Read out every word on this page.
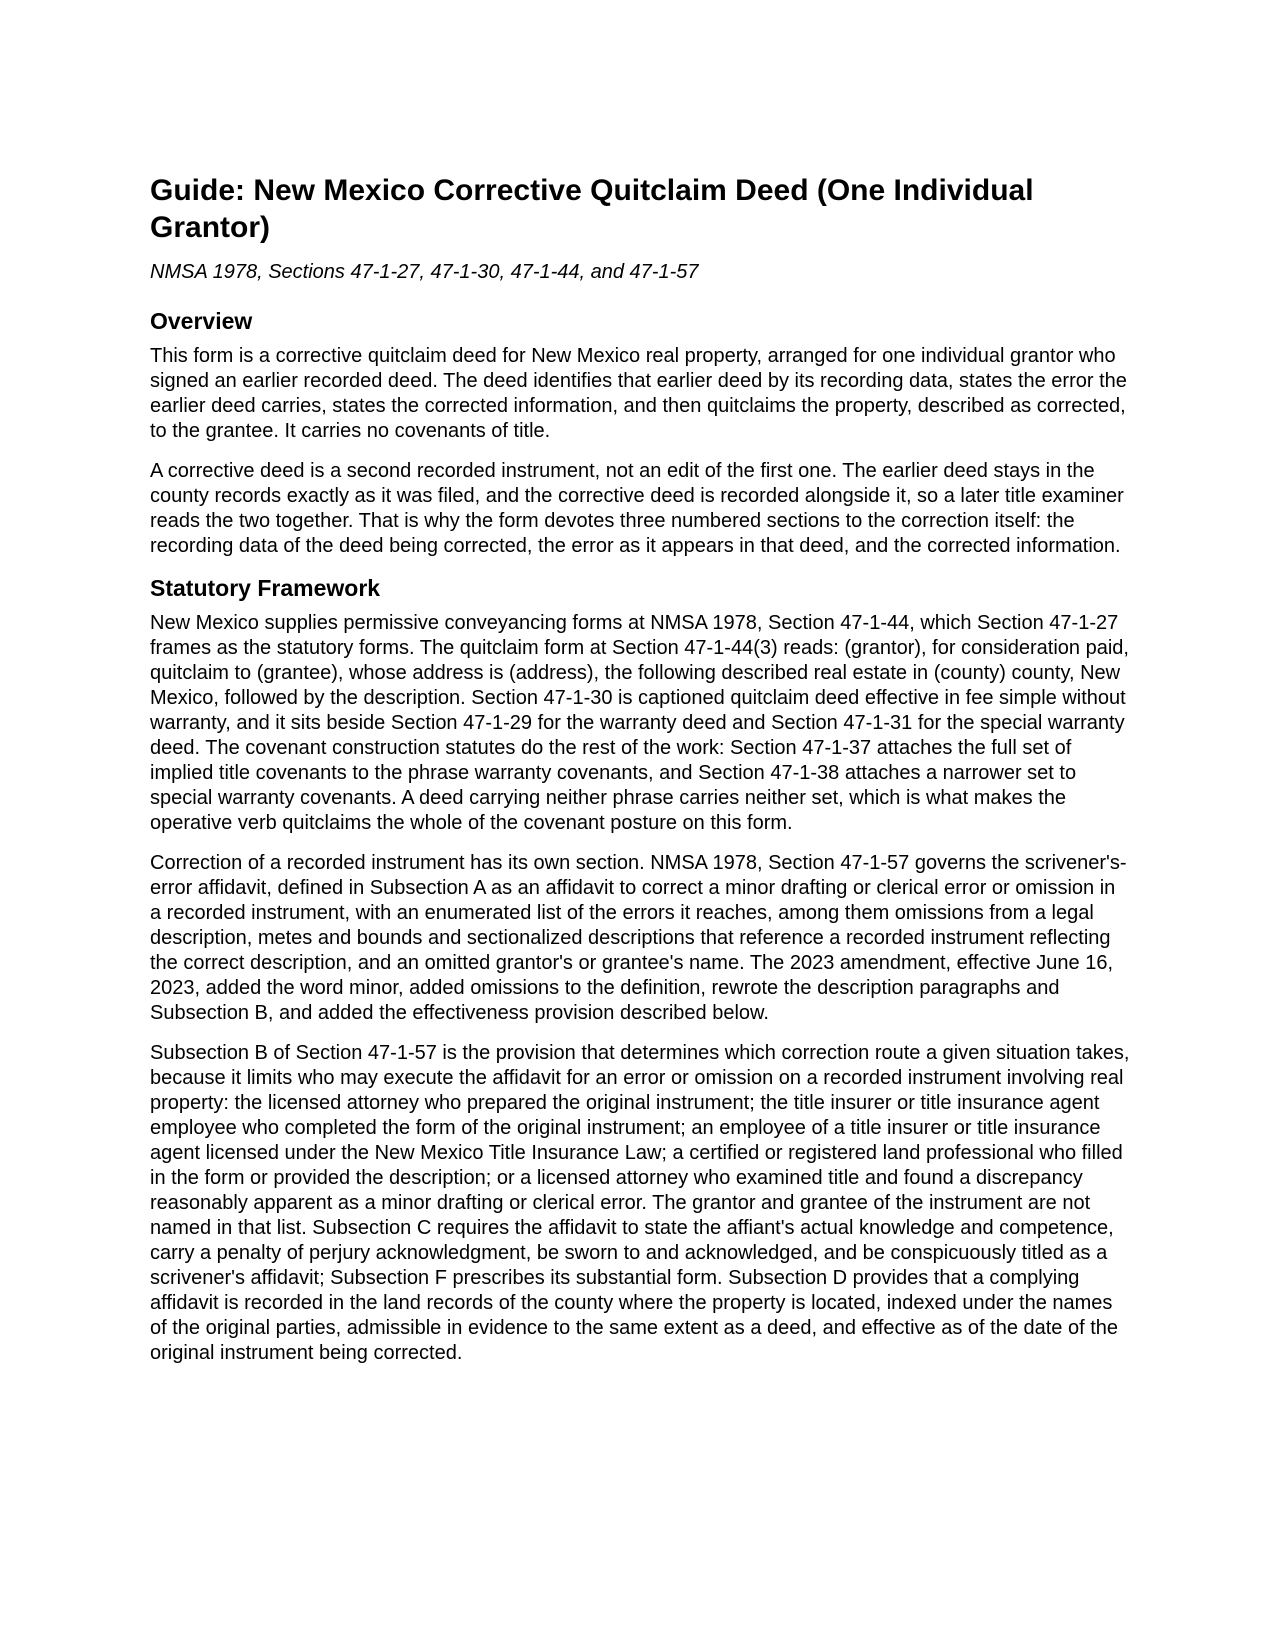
Guide: New Mexico Corrective Quitclaim Deed (One Individual Grantor)
NMSA 1978, Sections 47-1-27, 47-1-30, 47-1-44, and 47-1-57
Overview

This form is a corrective quitclaim deed for New Mexico real property, arranged for one individual grantor who signed an earlier recorded deed. The deed identifies that earlier deed by its recording data, states the error the earlier deed carries, states the corrected information, and then quitclaims the property, described as corrected, to the grantee. It carries no covenants of title.

A corrective deed is a second recorded instrument, not an edit of the first one. The earlier deed stays in the county records exactly as it was filed, and the corrective deed is recorded alongside it, so a later title examiner reads the two together. That is why the form devotes three numbered sections to the correction itself: the recording data of the deed being corrected, the error as it appears in that deed, and the corrected information.

Statutory Framework

New Mexico supplies permissive conveyancing forms at NMSA 1978, Section 47-1-44, which Section 47-1-27 frames as the statutory forms. The quitclaim form at Section 47-1-44(3) reads: (grantor), for consideration paid, quitclaim to (grantee), whose address is (address), the following described real estate in (county) county, New Mexico, followed by the description. Section 47-1-30 is captioned quitclaim deed effective in fee simple without warranty, and it sits beside Section 47-1-29 for the warranty deed and Section 47-1-31 for the special warranty deed. The covenant construction statutes do the rest of the work: Section 47-1-37 attaches the full set of implied title covenants to the phrase warranty covenants, and Section 47-1-38 attaches a narrower set to special warranty covenants. A deed carrying neither phrase carries neither set, which is what makes the operative verb quitclaims the whole of the covenant posture on this form.

Correction of a recorded instrument has its own section. NMSA 1978, Section 47-1-57 governs the scrivener's-error affidavit, defined in Subsection A as an affidavit to correct a minor drafting or clerical error or omission in a recorded instrument, with an enumerated list of the errors it reaches, among them omissions from a legal description, metes and bounds and sectionalized descriptions that reference a recorded instrument reflecting the correct description, and an omitted grantor's or grantee's name. The 2023 amendment, effective June 16, 2023, added the word minor, added omissions to the definition, rewrote the description paragraphs and Subsection B, and added the effectiveness provision described below.

Subsection B of Section 47-1-57 is the provision that determines which correction route a given situation takes, because it limits who may execute the affidavit for an error or omission on a recorded instrument involving real property: the licensed attorney who prepared the original instrument; the title insurer or title insurance agent employee who completed the form of the original instrument; an employee of a title insurer or title insurance agent licensed under the New Mexico Title Insurance Law; a certified or registered land professional who filled in the form or provided the description; or a licensed attorney who examined title and found a discrepancy reasonably apparent as a minor drafting or clerical error. The grantor and grantee of the instrument are not named in that list. Subsection C requires the affidavit to state the affiant's actual knowledge and competence, carry a penalty of perjury acknowledgment, be sworn to and acknowledged, and be conspicuously titled as a scrivener's affidavit; Subsection F prescribes its substantial form. Subsection D provides that a complying affidavit is recorded in the land records of the county where the property is located, indexed under the names of the original parties, admissible in evidence to the same extent as a deed, and effective as of the date of the original instrument being corrected.
